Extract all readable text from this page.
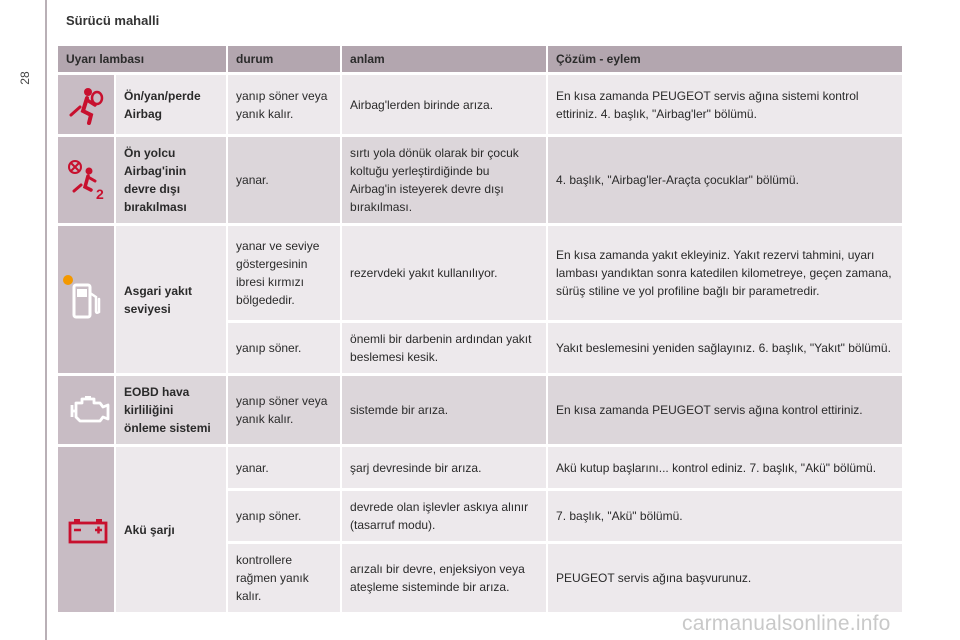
28
Sürücü mahalli
Uyarı lambası		durum	anlam	Çözüm - eylem

	Ön/yan/perde Airbag	yanıp söner veya yanık kalır.	Airbag'lerden birinde arıza.	En kısa zamanda PEUGEOT servis ağına sistemi kontrol ettiriniz. 4. başlık, "Airbag'ler" bölümü.

2	Ön yolcu Airbag'inin devre dışı bırakılması	yanar.	sırtı yola dönük olarak bir çocuk koltuğu yerleştirdiğinde bu Airbag'in isteyerek devre dışı bırakılması.	4. başlık, "Airbag'ler-Araçta çocuklar" bölümü.

	Asgari yakıt seviyesi	yanar ve seviye göstergesinin ibresi kırmızı bölgededir.	rezervdeki yakıt kullanılıyor.	En kısa zamanda yakıt ekleyiniz. Yakıt rezervi tahmini, uyarı lambası yandıktan sonra katedilen kilometreye, geçen zamana, sürüş stiline ve yol profiline bağlı bir parametredir.
		yanıp söner.	önemli bir darbenin ardından yakıt beslemesi kesik.	Yakıt beslemesini yeniden sağlayınız. 6. başlık, "Yakıt" bölümü.

	EOBD hava kirliliğini önleme sistemi	yanıp söner veya yanık kalır.	sistemde bir arıza.	En kısa zamanda PEUGEOT servis ağına kontrol ettiriniz.

	Akü şarjı	yanar.	şarj devresinde bir arıza.	Akü kutup başlarını... kontrol ediniz. 7. başlık, "Akü" bölümü.
		yanıp söner.	devrede olan işlevler askıya alınır (tasarruf modu).	7. başlık, "Akü" bölümü.
		kontrollere rağmen yanık kalır.	arızalı bir devre, enjeksiyon veya ateşleme sisteminde bir arıza.	PEUGEOT servis ağına başvurunuz.
carmanualsonline.info
